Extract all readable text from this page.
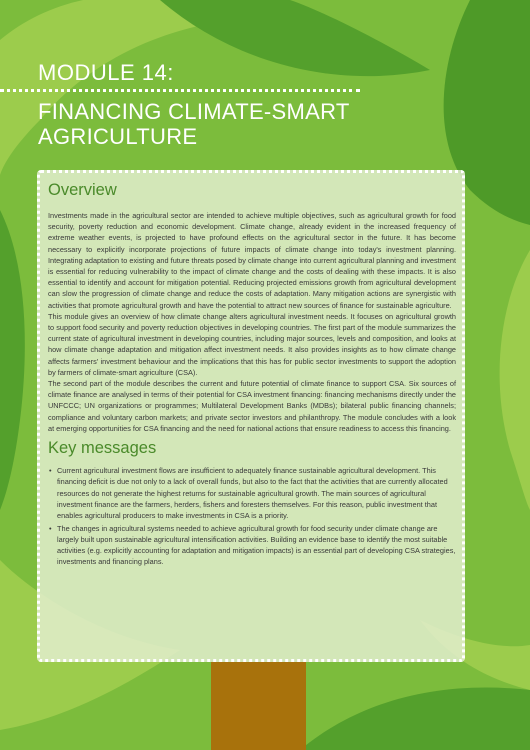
MODULE 14:
FINANCING CLIMATE-SMART AGRICULTURE
Overview

Investments made in the agricultural sector are intended to achieve multiple objectives, such as agricultural growth for food security, poverty reduction and economic development. Climate change, already evident in the increased frequency of extreme weather events, is projected to have profound effects on the agricultural sector in the future. It has become necessary to explicitly incorporate projections of future impacts of climate change into today's investment planning. Integrating adaptation to existing and future threats posed by climate change into current agricultural planning and investment is essential for reducing vulnerability to the impact of climate change and the costs of dealing with these impacts. It is also essential to identify and account for mitigation potential. Reducing projected emissions growth from agricultural development can slow the progression of climate change and reduce the costs of adaptation. Many mitigation actions are synergistic with activities that promote agricultural growth and have the potential to attract new sources of finance for sustainable agriculture.

This module gives an overview of how climate change alters agricultural investment needs. It focuses on agricultural growth to support food security and poverty reduction objectives in developing countries. The first part of the module summarizes the current state of agricultural investment in developing countries, including major sources, levels and composition, and looks at how climate change adaptation and mitigation affect investment needs. It also provides insights as to how climate change affects farmers' investment behaviour and the implications that this has for public sector investments to support the adoption by farmers of climate-smart agriculture (CSA).

The second part of the module describes the current and future potential of climate finance to support CSA. Six sources of climate finance are analysed in terms of their potential for CSA investment financing: financing mechanisms directly under the UNFCCC; UN organizations or programmes; Multilateral Development Banks (MDBs); bilateral public financing channels; compliance and voluntary carbon markets; and private sector investors and philanthropy. The module concludes with a look at emerging opportunities for CSA financing and the need for national actions that ensure readiness to access this financing.

Key messages
• Current agricultural investment flows are insufficient to adequately finance sustainable agricultural development. This financing deficit is due not only to a lack of overall funds, but also to the fact that the activities that are currently allocated resources do not generate the highest returns for sustainable agricultural growth. The main sources of agricultural investment finance are the farmers, herders, fishers and foresters themselves. For this reason, public investment that enables agricultural producers to make investments in CSA is a priority.
• The changes in agricultural systems needed to achieve agricultural growth for food security under climate change are largely built upon sustainable agricultural intensification activities. Building an evidence base to identify the most suitable activities (e.g. explicitly accounting for adaptation and mitigation impacts) is an essential part of developing CSA strategies, investments and financing plans.
